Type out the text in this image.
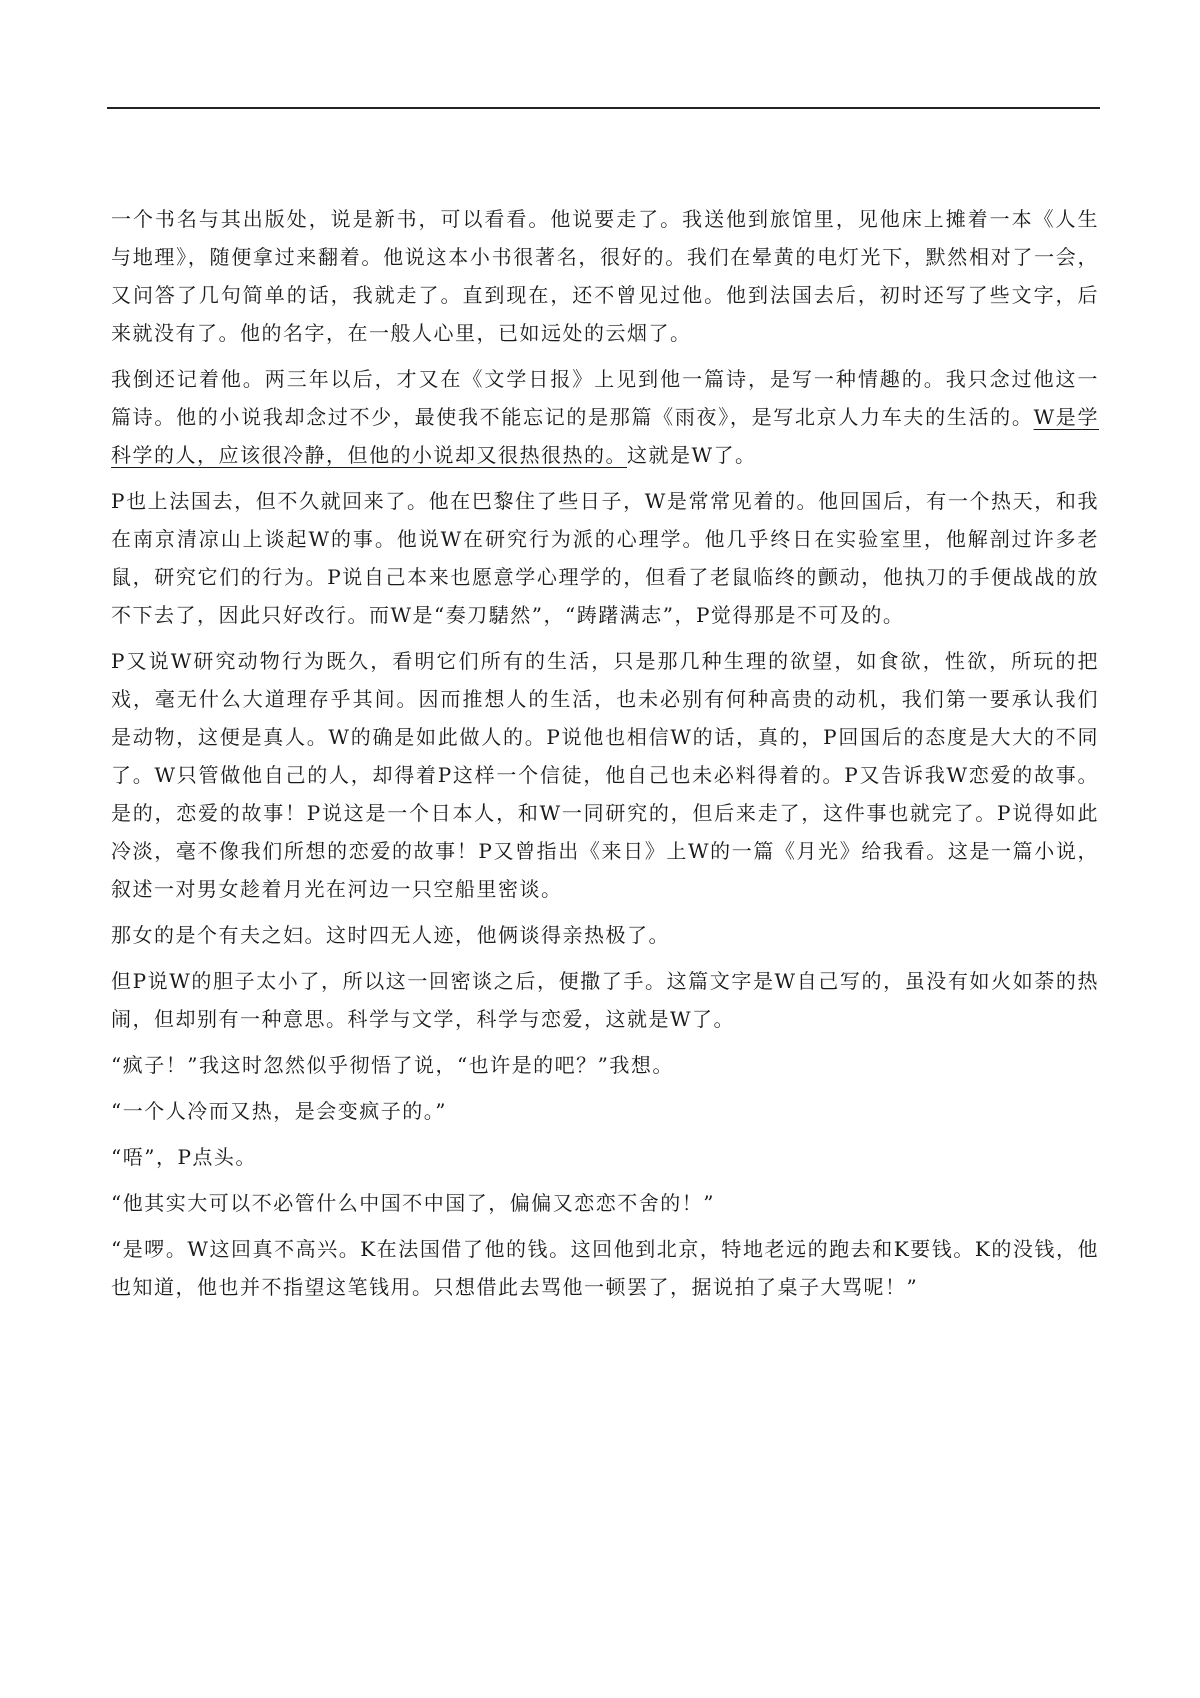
一个书名与其出版处，说是新书，可以看看。他说要走了。我送他到旅馆里，见他床上摊着一本《人生与地理》，随便拿过来翻着。他说这本小书很著名，很好的。我们在晕黄的电灯光下，默然相对了一会，又问答了几句简单的话，我就走了。直到现在，还不曾见过他。他到法国去后，初时还写了些文字，后来就没有了。他的名字，在一般人心里，已如远处的云烟了。

我倒还记着他。两三年以后，才又在《文学日报》上见到他一篇诗，是写一种情趣的。我只念过他这一篇诗。他的小说我却念过不少，最使我不能忘记的是那篇《雨夜》，是写北京人力车夫的生活的。W是学科学的人，应该很冷静，但他的小说却又很热很热的。这就是W了。

P也上法国去，但不久就回来了。他在巴黎住了些日子，W是常常见着的。他回国后，有一个热天，和我在南京清凉山上谈起W的事。他说W在研究行为派的心理学。他几乎终日在实验室里，他解剖过许多老鼠，研究它们的行为。P说自己本来也愿意学心理学的，但看了老鼠临终的颤动，他执刀的手便战战的放不下去了，因此只好改行。而W是“奏刀騞然”，“踌躇满志”，P觉得那是不可及的。

P又说W研究动物行为既久，看明它们所有的生活，只是那几种生理的欲望，如食欲，性欲，所玩的把戏，毫无什么大道理存乎其间。因而推想人的生活，也未必别有何种高贵的动机，我们第一要承认我们是动物，这便是真人。W的确是如此做人的。P说他也相信W的话，真的，P回国后的态度是大大的不同了。W只管做他自己的人，却得着P这样一个信徒，他自己也未必料得着的。P又告诉我W恋爱的故事。是的，恋爱的故事！P说这是一个日本人，和W一同研究的，但后来走了，这件事也就完了。P说得如此冷淡，毫不像我们所想的恋爱的故事！P又曾指出《来日》上W的一篇《月光》给我看。这是一篇小说，叙述一对男女趁着月光在河边一只空船里密谈。

那女的是个有夫之妇。这时四无人迹，他俩谈得亲热极了。

但P说W的胆子太小了，所以这一回密谈之后，便撒了手。这篇文字是W自己写的，虽没有如火如荼的热闹，但却别有一种意思。科学与文学，科学与恋爱，这就是W了。

“疯子！”我这时忽然似乎彻悟了说，“也许是的吧？”我想。

“一个人冷而又热，是会变疯子的。”

“唔”，P点头。

“他其实大可以不必管什么中国不中国了，偏偏又恋恋不舍的！”

“是啰。W这回真不高兴。K在法国借了他的钱。这回他到北京，特地老远的跑去和K要钱。K的没钱，他也知道，他也并不指望这笔钱用。只想借此去骂他一顿罢了，据说拍了桌子大骂呢！”
